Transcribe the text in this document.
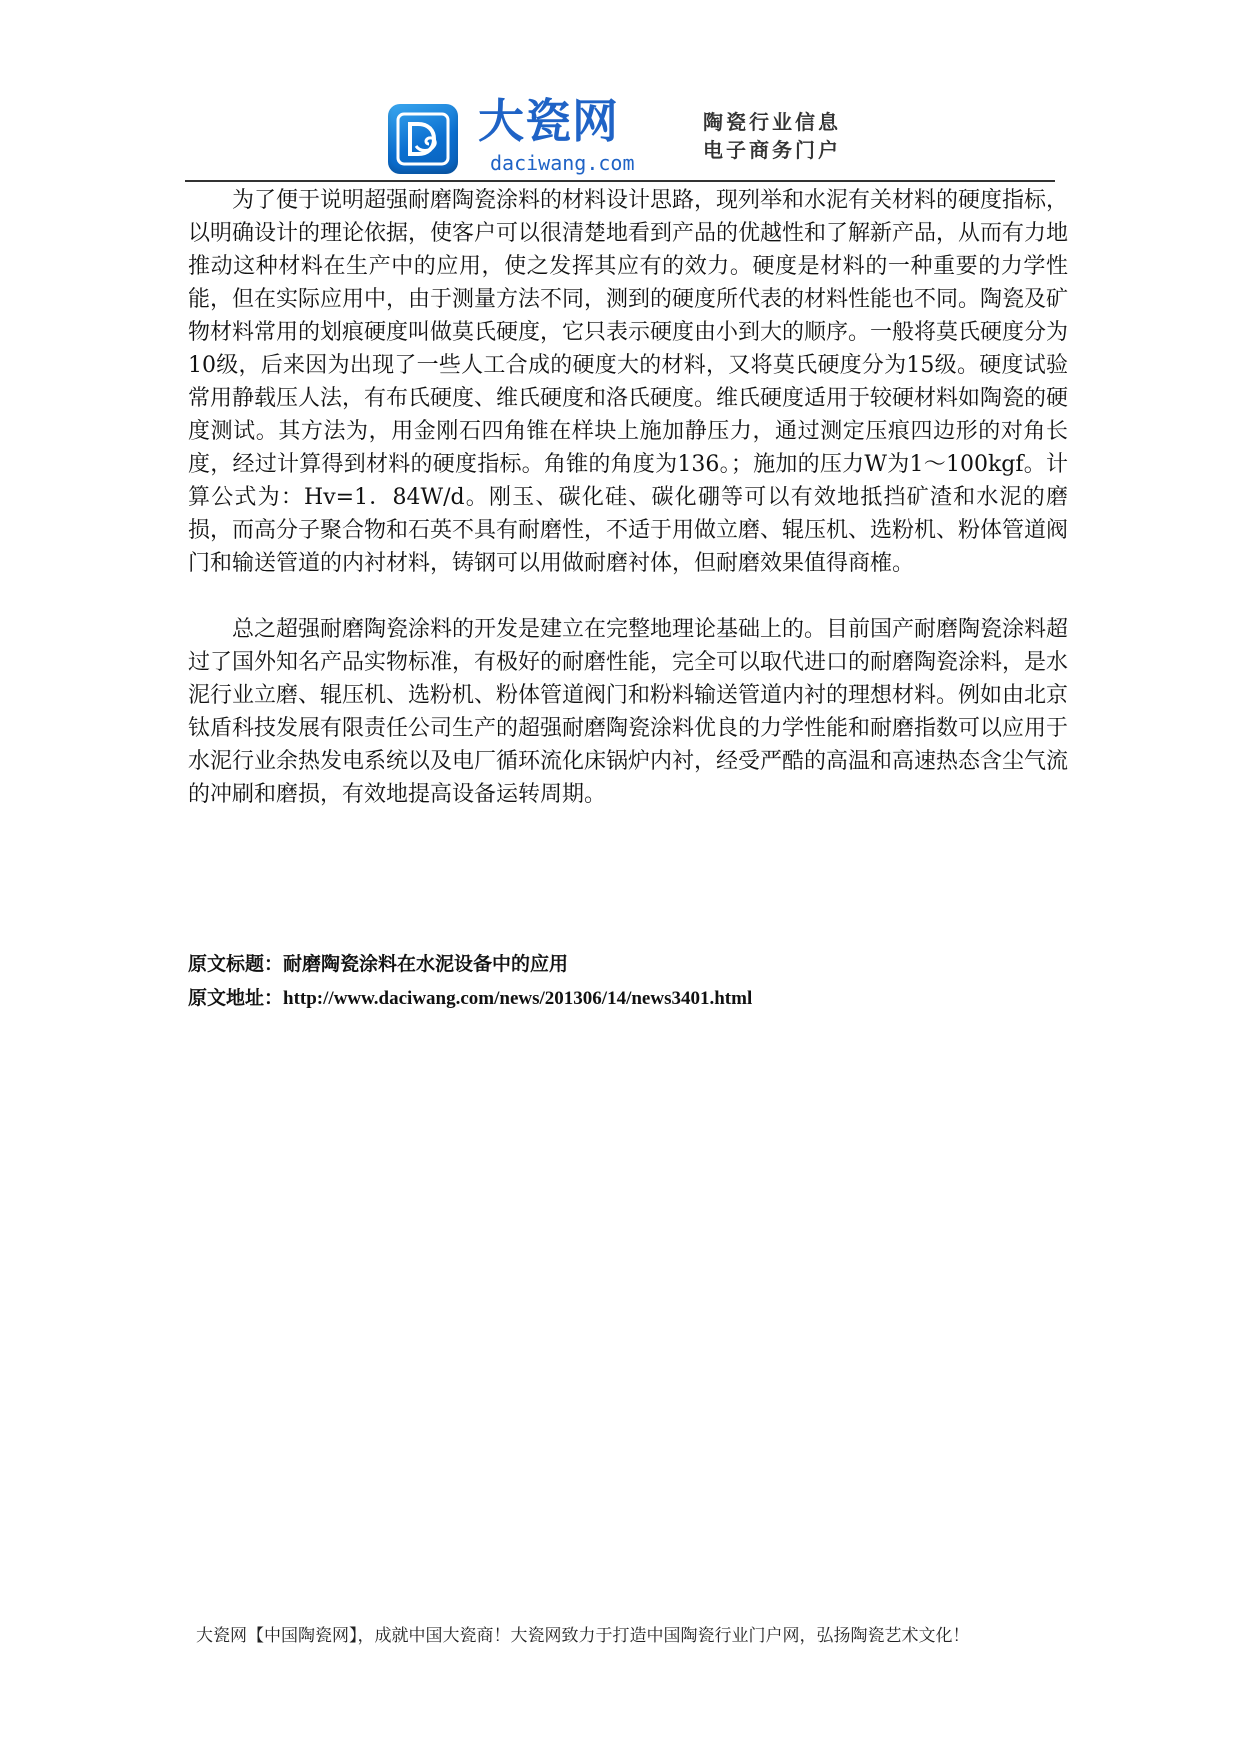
大瓷网
daciwang.com
陶瓷行业信息
电子商务门户

为了便于说明超强耐磨陶瓷涂料的材料设计思路，现列举和水泥有关材料的硬度指标，以明确设计的理论依据，使客户可以很清楚地看到产品的优越性和了解新产品，从而有力地推动这种材料在生产中的应用，使之发挥其应有的效力。硬度是材料的一种重要的力学性能，但在实际应用中，由于测量方法不同，测到的硬度所代表的材料性能也不同。陶瓷及矿物材料常用的划痕硬度叫做莫氏硬度，它只表示硬度由小到大的顺序。一般将莫氏硬度分为10级，后来因为出现了一些人工合成的硬度大的材料，又将莫氏硬度分为15级。硬度试验常用静载压人法，有布氏硬度、维氏硬度和洛氏硬度。维氏硬度适用于较硬材料如陶瓷的硬度测试。其方法为，用金刚石四角锥在样块上施加静压力，通过测定压痕四边形的对角长度，经过计算得到材料的硬度指标。角锥的角度为136。；施加的压力W为1～100kgf。计算公式为：Hv=1．84W/d。刚玉、碳化硅、碳化硼等可以有效地抵挡矿渣和水泥的磨损，而高分子聚合物和石英不具有耐磨性，不适于用做立磨、辊压机、选粉机、粉体管道阀门和输送管道的内衬材料，铸钢可以用做耐磨衬体，但耐磨效果值得商榷。

总之超强耐磨陶瓷涂料的开发是建立在完整地理论基础上的。目前国产耐磨陶瓷涂料超过了国外知名产品实物标准，有极好的耐磨性能，完全可以取代进口的耐磨陶瓷涂料，是水泥行业立磨、辊压机、选粉机、粉体管道阀门和粉料输送管道内衬的理想材料。例如由北京钛盾科技发展有限责任公司生产的超强耐磨陶瓷涂料优良的力学性能和耐磨指数可以应用于水泥行业余热发电系统以及电厂循环流化床锅炉内衬，经受严酷的高温和高速热态含尘气流的冲刷和磨损，有效地提高设备运转周期。

原文标题：耐磨陶瓷涂料在水泥设备中的应用
原文地址：http://www.daciwang.com/news/201306/14/news3401.html
大瓷网【中国陶瓷网】，成就中国大瓷商！大瓷网致力于打造中国陶瓷行业门户网，弘扬陶瓷艺术文化！
